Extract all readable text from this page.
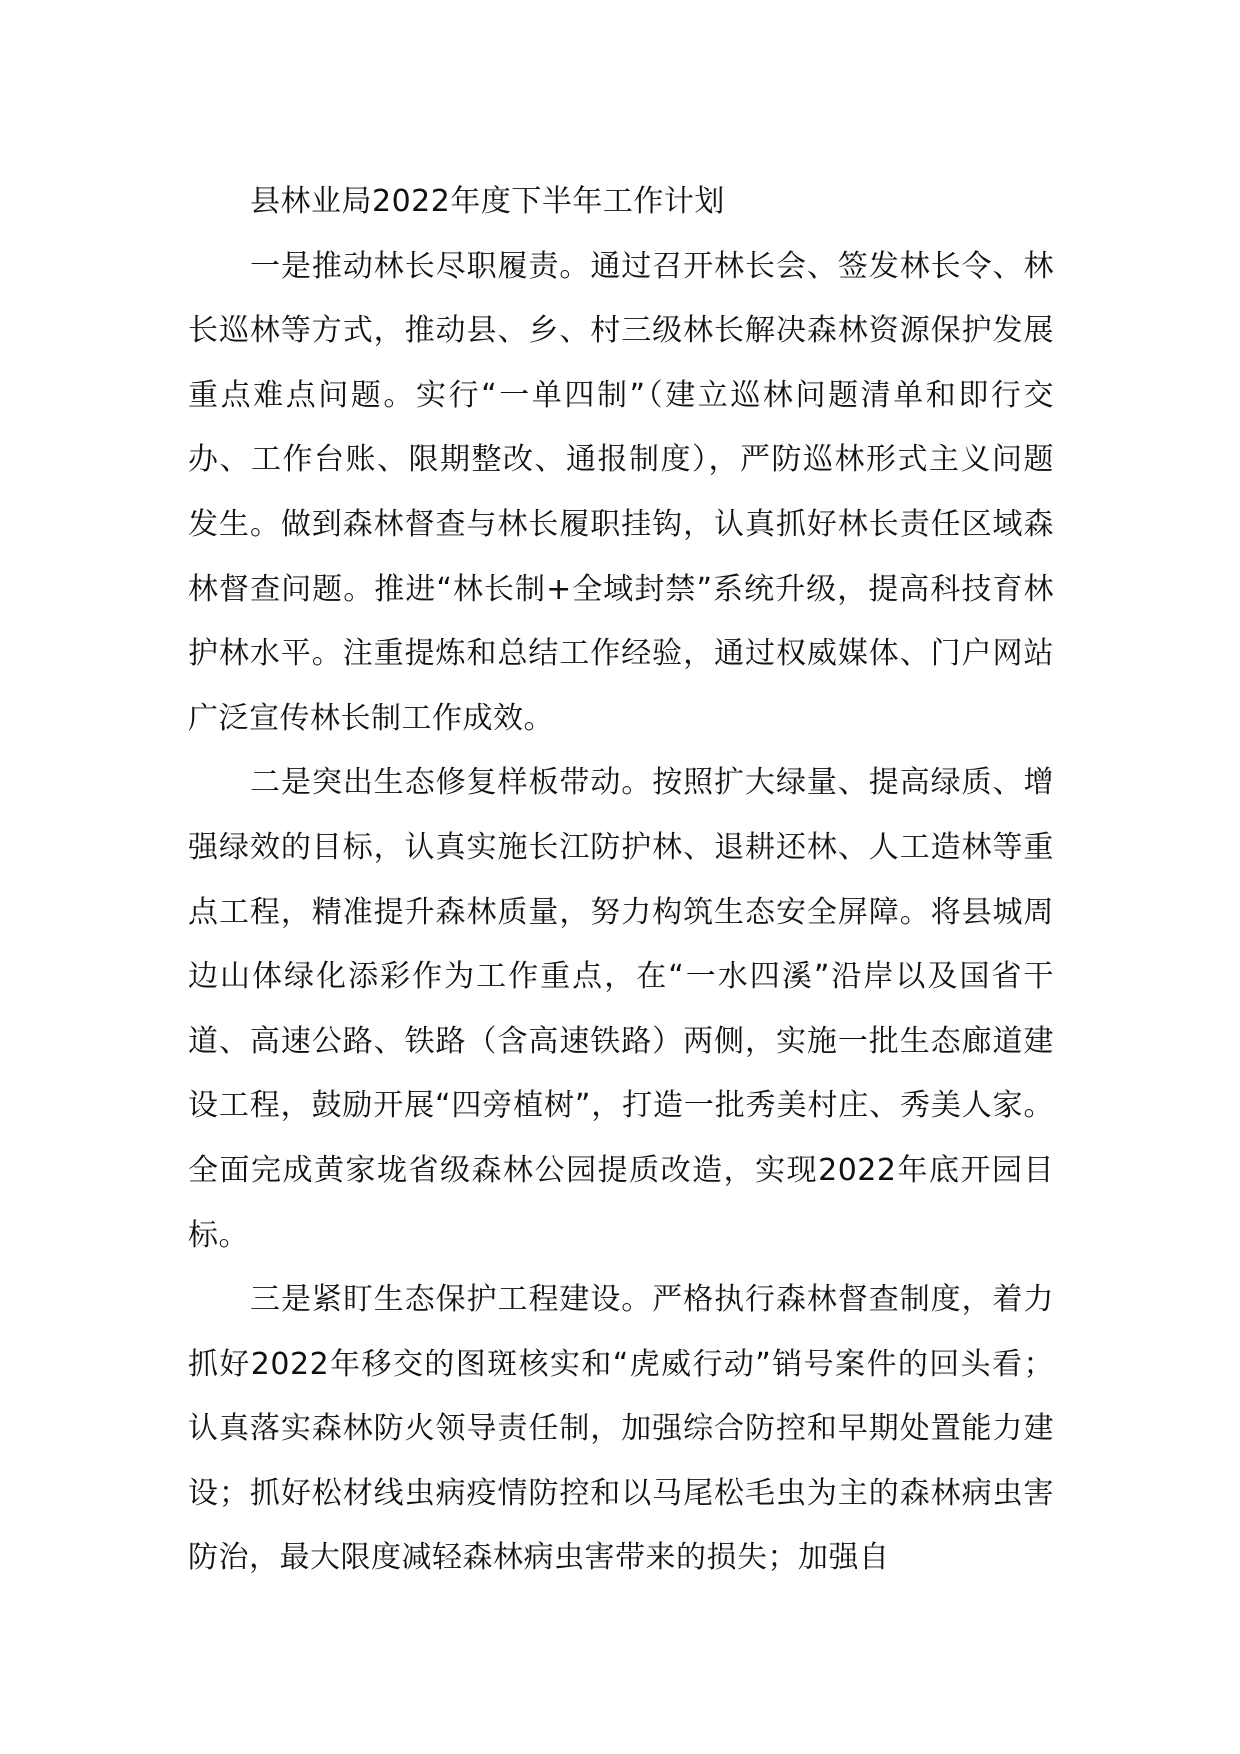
县林业局2022年度下半年工作计划

一是推动林长尽职履责。通过召开林长会、签发林长令、林长巡林等方式，推动县、乡、村三级林长解决森林资源保护发展重点难点问题。实行“一单四制”（建立巡林问题清单和即行交办、工作台账、限期整改、通报制度），严防巡林形式主义问题发生。做到森林督查与林长履职挂钩，认真抓好林长责任区域森林督查问题。推进“林长制+全域封禁”系统升级，提高科技育林护林水平。注重提炼和总结工作经验，通过权威媒体、门户网站广泛宣传林长制工作成效。

二是突出生态修复样板带动。按照扩大绿量、提高绿质、增强绿效的目标，认真实施长江防护林、退耕还林、人工造林等重点工程，精准提升森林质量，努力构筑生态安全屏障。将县城周边山体绿化添彩作为工作重点，在“一水四溪”沿岸以及国省干道、高速公路、铁路（含高速铁路）两侧，实施一批生态廊道建设工程，鼓励开展“四旁植树”，打造一批秀美村庄、秀美人家。全面完成黄家垅省级森林公园提质改造，实现2022年底开园目标。

三是紧盯生态保护工程建设。严格执行森林督查制度，着力抓好2022年移交的图斑核实和“虎威行动”销号案件的回头看；认真落实森林防火领导责任制，加强综合防控和早期处置能力建设；抓好松材线虫病疫情防控和以马尾松毛虫为主的森林病虫害防治，最大限度减轻森林病虫害带来的损失；加强自
